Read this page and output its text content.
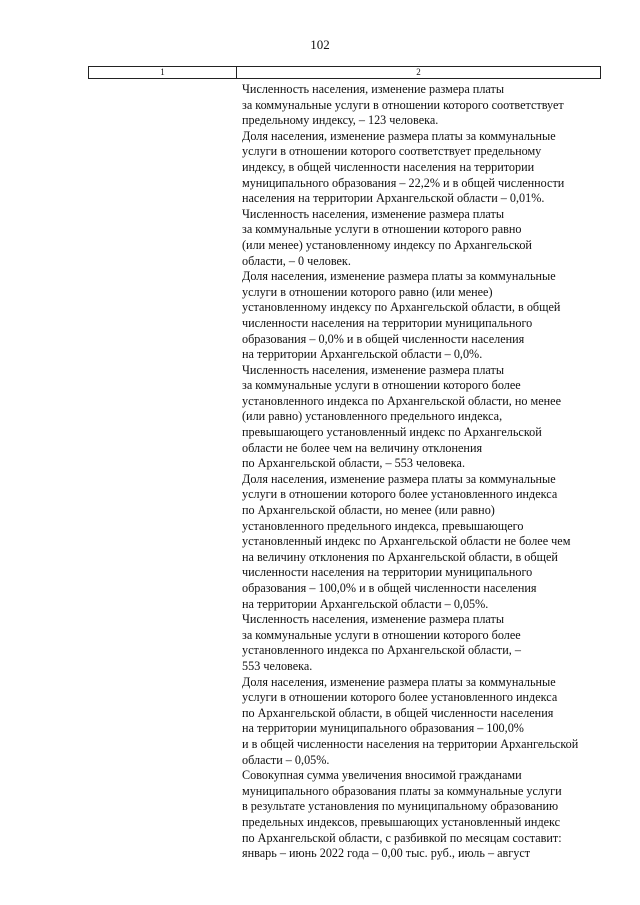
102
1	2
Численность населения, изменение размера платы
за коммунальные услуги в отношении которого соответствует
предельному индексу, – 123 человека.
Доля населения, изменение размера платы за коммунальные
услуги в отношении которого соответствует предельному
индексу, в общей численности населения на территории
муниципального образования – 22,2% и в общей численности
населения на территории Архангельской области – 0,01%.
Численность населения, изменение размера платы
за коммунальные услуги в отношении которого равно
(или менее) установленному индексу по Архангельской
области, – 0 человек.
Доля населения, изменение размера платы за коммунальные
услуги в отношении которого равно (или менее)
установленному индексу по Архангельской области, в общей
численности населения на территории муниципального
образования – 0,0% и в общей численности населения
на территории Архангельской области – 0,0%.
Численность населения, изменение размера платы
за коммунальные услуги в отношении которого более
установленного индекса по Архангельской области, но менее
(или равно) установленного предельного индекса,
превышающего установленный индекс по Архангельской
области не более чем на величину отклонения
по Архангельской области, – 553 человека.
Доля населения, изменение размера платы за коммунальные
услуги в отношении которого более установленного индекса
по Архангельской области, но менее (или равно)
установленного предельного индекса, превышающего
установленный индекс по Архангельской области не более чем
на величину отклонения по Архангельской области, в общей
численности населения на территории муниципального
образования – 100,0% и в общей численности населения
на территории Архангельской области – 0,05%.
Численность населения, изменение размера платы
за коммунальные услуги в отношении которого более
установленного индекса по Архангельской области, –
553 человека.
Доля населения, изменение размера платы за коммунальные
услуги в отношении которого более установленного индекса
по Архангельской области, в общей численности населения
на территории муниципального образования – 100,0%
и в общей численности населения на территории Архангельской
области – 0,05%.
Совокупная сумма увеличения вносимой гражданами
муниципального образования платы за коммунальные услуги
в результате установления по муниципальному образованию
предельных индексов, превышающих установленный индекс
по Архангельской области, с разбивкой по месяцам составит:
январь – июнь 2022 года – 0,00 тыс. руб., июль – август
